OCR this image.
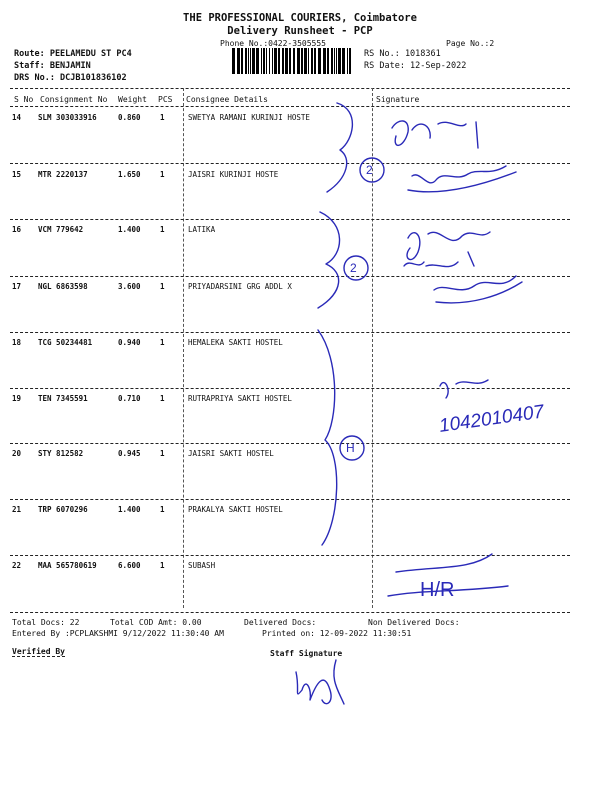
THE PROFESSIONAL COURIERS, Coimbatore
Delivery Runsheet - PCP
Phone No.:0422-3505555	Page No.:2
Route: PEELAMEDU ST PC4
Staff: BENJAMIN
DRS No.: DCJB101836102
RS No.: 1018361
RS Date: 12-Sep-2022
S No Consignment No Weight PCS Consignee Details	Signature
14 SLM 303033916	0.860	1	SWETYA RAMANI KURINJI HOSTE
15 MTR 2220137	1.650	1	JAISRI KURINJI HOSTE
16 VCM 779642	1.400	1	LATIKA
17 NGL 6863598	3.600	1	PRIYADARSINI GRG ADDL X
18 TCG 50234481	0.940	1	HEMALEKA SAKTI HOSTEL
19 TEN 7345591	0.710	1	RUTRAPRIYA SAKTI HOSTEL
20 STY 812582	0.945	1	JAISRI SAKTI HOSTEL
21 TRP 6070296	1.400	1	PRAKALYA SAKTI HOSTEL
22 MAA 565780619	6.600	1	SUBASH
2
2
H
1042010407
H/R
Total Docs: 22	Total COD Amt: 0.00	Delivered Docs:	Non Delivered Docs:
Entered By :PCPLAKSHMI 9/12/2022 11:30:40 AM	Printed on: 12-09-2022 11:30:51
Verified By	Staff Signature
